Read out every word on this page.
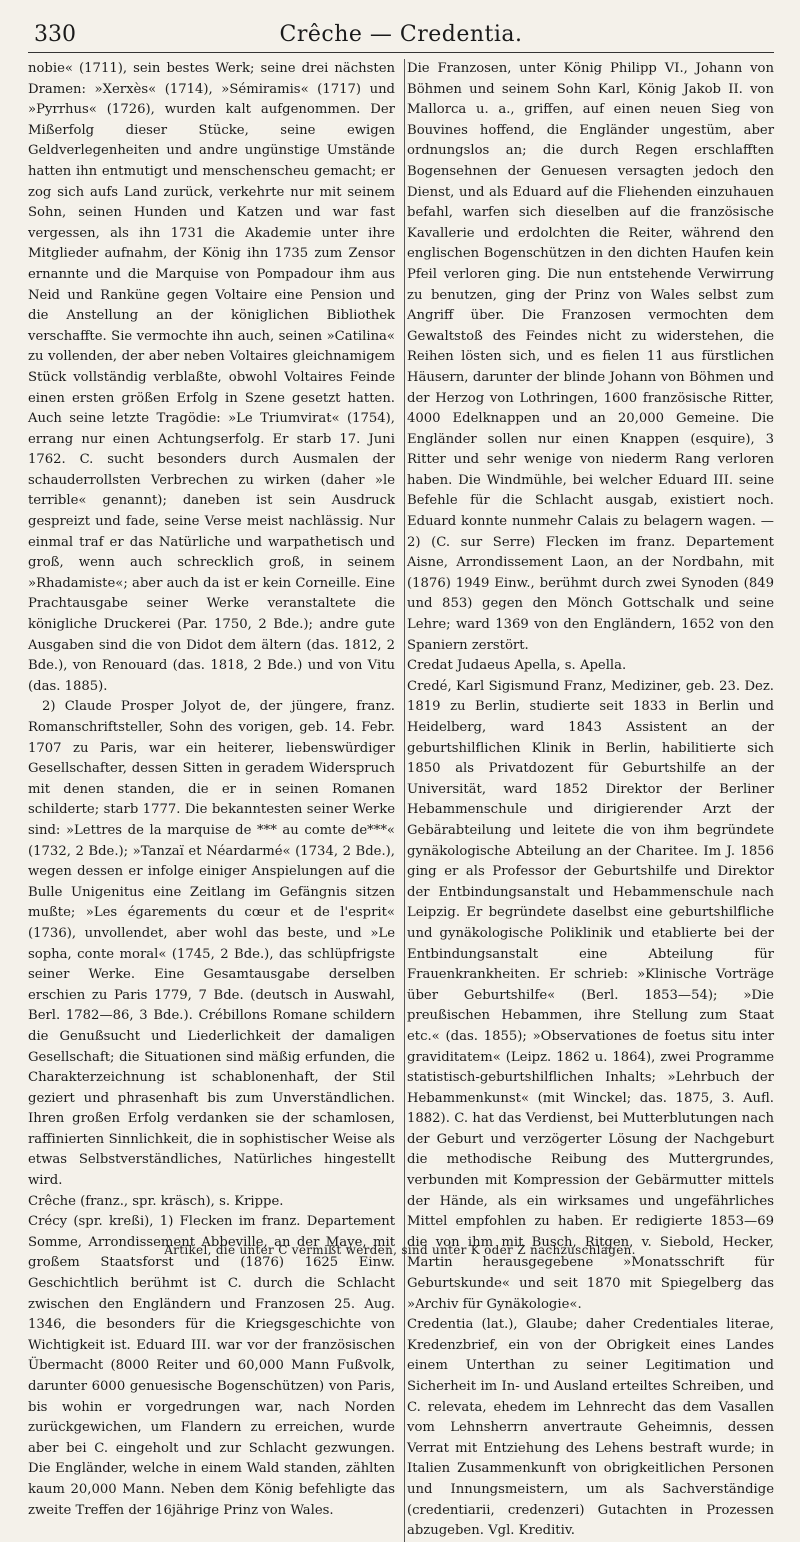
330	Crêche — Credentia.

nobie« (1711), sein bestes Werk; seine drei nächsten Dramen: »Xerxès« (1714), »Sémiramis« (1717) und »Pyrrhus« (1726), wurden kalt aufgenommen. Der Mißerfolg dieser Stücke, seine ewigen Geldverlegenheiten und andre ungünstige Umstände hatten ihn entmutigt und menschenscheu gemacht; er zog sich aufs Land zurück, verkehrte nur mit seinem Sohn, seinen Hunden und Katzen und war fast vergessen, als ihn 1731 die Akademie unter ihre Mitglieder aufnahm, der König ihn 1735 zum Zensor ernannte und die Marquise von Pompadour ihm aus Neid und Rankünе gegen Voltaire eine Pension und die Anstellung an der königlichen Bibliothek verschaffte. Sie vermochte ihn auch, seinen »Catilina« zu vollenden, der aber neben Voltaires gleichnamigem Stück vollständig verblaßte, obwohl Voltaires Feinde einen ersten größen Erfolg in Szene gesetzt hatten. Auch seine letzte Tragödie: »Le Triumvirat« (1754), errang nur einen Achtungserfolg. Er starb 17. Juni 1762. C. sucht besonders durch Ausmalen der schauderrollsten Verbrechen zu wirken (daher »le terrible« genannt); daneben ist sein Ausdruck gespreizt und fade, seine Verse meist nachlässig. Nur einmal traf er das Natürliche und warpathetisch und groß, wenn auch schrecklich groß, in seinem »Rhadamiste«; aber auch da ist er kein Corneille. Eine Prachtausgabe seiner Werke veranstaltete die königliche Druckerei (Par. 1750, 2 Bde.); andre gute Ausgaben sind die von Didot dem ältern (das. 1812, 2 Bde.), von Renouard (das. 1818, 2 Bde.) und von Vitu (das. 1885).

2) Claude Prosper Jolyot de, der jüngere, franz. Romanschriftsteller, Sohn des vorigen, geb. 14. Febr. 1707 zu Paris, war ein heiterer, liebenswürdiger Gesellschafter, dessen Sitten in geradem Widerspruch mit denen standen, die er in seinen Romanen schilderte; starb 1777. Die bekanntesten seiner Werke sind: »Lettres de la marquise de *** au comte de***« (1732, 2 Bde.); »Tanzaï et Néardarmé« (1734, 2 Bde.), wegen dessen er infolge einiger Anspielungen auf die Bulle Unigenitus eine Zeitlang im Gefängnis sitzen mußte; »Les égarements du cœur et de l'esprit« (1736), unvollendet, aber wohl das beste, und »Le sopha, conte moral« (1745, 2 Bde.), das schlüpfrigste seiner Werke. Eine Gesamtausgabe derselben erschien zu Paris 1779, 7 Bde. (deutsch in Auswahl, Berl. 1782—86, 3 Bde.). Crébillons Romane schildern die Genußsucht und Liederlichkeit der damaligen Gesellschaft; die Situationen sind mäßig erfunden, die Charakterzeichnung ist schablonenhaft, der Stil geziert und phrasenhaft bis zum Unverständlichen. Ihren großen Erfolg verdanken sie der schamlosen, raffinierten Sinnlichkeit, die in sophistischer Weise als etwas Selbstverständliches, Natürliches hingestellt wird.

Crêche (franz., spr. kräsch), s. Krippe.

Crécy (spr. kreßi), 1) Flecken im franz. Departement Somme, Arrondissement Abbeville, an der Maye, mit großem Staatsforst und (1876) 1625 Einw. Geschichtlich berühmt ist C. durch die Schlacht zwischen den Engländern und Franzosen 25. Aug. 1346, die besonders für die Kriegsgeschichte von Wichtigkeit ist. Eduard III. war vor der französischen Übermacht (8000 Reiter und 60,000 Mann Fußvolk, darunter 6000 genuesische Bogenschützen) von Paris, bis wohin er vorgedrungen war, nach Norden zurückgewichen, um Flandern zu erreichen, wurde aber bei C. eingeholt und zur Schlacht gezwungen. Die Engländer, welche in einem Wald standen, zählten kaum 20,000 Mann. Neben dem König befehligte das zweite Treffen der 16jährige Prinz von Wales.

Die Franzosen, unter König Philipp VI., Johann von Böhmen und seinem Sohn Karl, König Jakob II. von Mallorca u. a., griffen, auf einen neuen Sieg von Bouvines hoffend, die Engländer ungestüm, aber ordnungslos an; die durch Regen erschlafften Bogensehnen der Genuesen versagten jedoch den Dienst, und als Eduard auf die Fliehenden einzuhauen befahl, warfen sich dieselben auf die französische Kavallerie und erdolchten die Reiter, während den englischen Bogenschützen in den dichten Haufen kein Pfeil verloren ging. Die nun entstehende Verwirrung zu benutzen, ging der Prinz von Wales selbst zum Angriff über. Die Franzosen vermochten dem Gewaltstoß des Feindes nicht zu widerstehen, die Reihen lösten sich, und es fielen 11 aus fürstlichen Häusern, darunter der blinde Johann von Böhmen und der Herzog von Lothringen, 1600 französische Ritter, 4000 Edelknappen und an 20,000 Gemeine. Die Engländer sollen nur einen Knappen (esquire), 3 Ritter und sehr wenige von niederm Rang verloren haben. Die Windmühle, bei welcher Eduard III. seine Befehle für die Schlacht ausgab, existiert noch. Eduard konnte nunmehr Calais zu belagern wagen. — 2) (C. sur Serre) Flecken im franz. Departement Aisne, Arrondissement Laon, an der Nordbahn, mit (1876) 1949 Einw., berühmt durch zwei Synoden (849 und 853) gegen den Mönch Gottschalk und seine Lehre; ward 1369 von den Engländern, 1652 von den Spaniern zerstört.

Credat Judaeus Apella, s. Apella.

Credé, Karl Sigismund Franz, Mediziner, geb. 23. Dez. 1819 zu Berlin, studierte seit 1833 in Berlin und Heidelberg, ward 1843 Assistent an der geburtshilflichen Klinik in Berlin, habilitierte sich 1850 als Privatdozent für Geburtshilfe an der Universität, ward 1852 Direktor der Berliner Hebammenschule und dirigierender Arzt der Gebärabteilung und leitete die von ihm begründete gynäkologische Abteilung an der Charitee. Im J. 1856 ging er als Professor der Geburtshilfe und Direktor der Entbindungsanstalt und Hebammenschule nach Leipzig. Er begründete daselbst eine geburtshilfliche und gynäkologische Poliklinik und etablierte bei der Entbindungsanstalt eine Abteilung für Frauenkrankheiten. Er schrieb: »Klinische Vorträge über Geburtshilfe« (Berl. 1853—54); »Die preußischen Hebammen, ihre Stellung zum Staat etc.« (das. 1855); »Observationes de foetus situ inter graviditatem« (Leipz. 1862 u. 1864), zwei Programme statistisch-geburtshilflichen Inhalts; »Lehrbuch der Hebammenkunst« (mit Winckel; das. 1875, 3. Aufl. 1882). C. hat das Verdienst, bei Mutterblutungen nach der Geburt und verzögerter Lösung der Nachgeburt die methodische Reibung des Muttergrundes, verbunden mit Kompression der Gebärmutter mittels der Hände, als ein wirksames und ungefährliches Mittel empfohlen zu haben. Er redigierte 1853—69 die von ihm mit Busch, Ritgen, v. Siebold, Hecker, Martin herausgegebene »Monatsschrift für Geburtskunde« und seit 1870 mit Spiegelberg das »Archiv für Gynäkologie«.

Credentia (lat.), Glaube; daher Credentiales literae, Kredenzbrief, ein von der Obrigkeit eines Landes einem Unterthan zu seiner Legitimation und Sicherheit im In- und Ausland erteiltes Schreiben, und C. relevata, ehedem im Lehnrecht das dem Vasallen vom Lehnsherrn anvertraute Geheimnis, dessen Verrat mit Entziehung des Lehens bestraft wurde; in Italien Zusammenkunft von obrigkeitlichen Personen und Innungsmeistern, um als Sachverständige (credentiarii, credenzeri) Gutachten in Prozessen abzugeben. Vgl. Kreditiv.

Artikel, die unter C vermißt werden, sind unter K oder Z nachzuschlagen.
